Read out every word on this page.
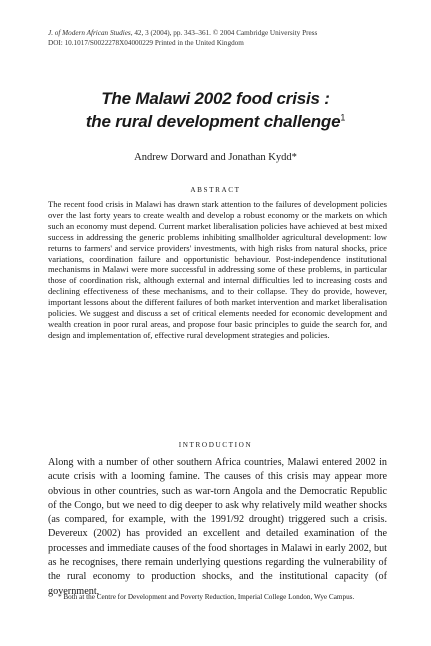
J. of Modern African Studies, 42, 3 (2004), pp. 343–361. © 2004 Cambridge University Press
DOI: 10.1017/S0022278X04000229 Printed in the United Kingdom
The Malawi 2002 food crisis :
the rural development challenge$^1$
Andrew Dorward and Jonathan Kydd*
ABSTRACT
The recent food crisis in Malawi has drawn stark attention to the failures of development policies over the last forty years to create wealth and develop a robust economy or the markets on which such an economy must depend. Current market liberalisation policies have achieved at best mixed success in addressing the generic problems inhibiting smallholder agricultural development: low returns to farmers' and service providers' investments, with high risks from natural shocks, price variations, coordination failure and opportunistic behaviour. Post-independence institutional mechanisms in Malawi were more successful in addressing some of these problems, in particular those of coordination risk, although external and internal difficulties led to increasing costs and declining effectiveness of these mechanisms, and to their collapse. They do provide, however, important lessons about the different failures of both market intervention and market liberalisation policies. We suggest and discuss a set of critical elements needed for economic development and wealth creation in poor rural areas, and propose four basic principles to guide the search for, and design and implementation of, effective rural development strategies and policies.
INTRODUCTION
Along with a number of other southern Africa countries, Malawi entered 2002 in acute crisis with a looming famine. The causes of this crisis may appear more obvious in other countries, such as war-torn Angola and the Democratic Republic of the Congo, but we need to dig deeper to ask why relatively mild weather shocks (as compared, for example, with the 1991/92 drought) triggered such a crisis. Devereux (2002) has provided an excellent and detailed examination of the processes and immediate causes of the food shortages in Malawi in early 2002, but as he recognises, there remain underlying questions regarding the vulnerability of the rural economy to production shocks, and the institutional capacity (of government,
* Both at the Centre for Development and Poverty Reduction, Imperial College London, Wye Campus.
